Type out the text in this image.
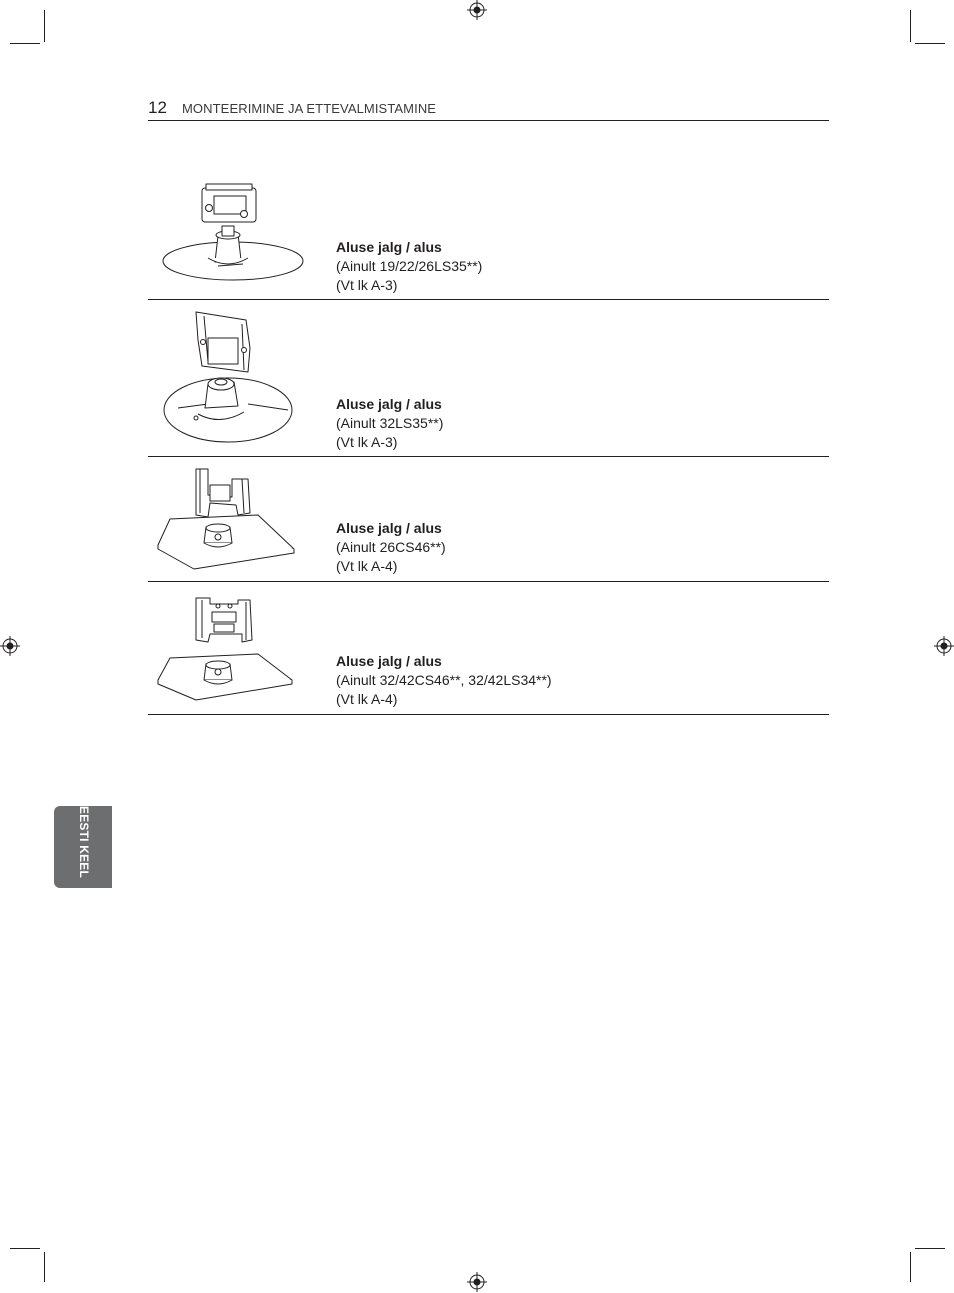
12 MONTEERIMINE JA ETTEVALMISTAMINE
Aluse jalg / alus
(Ainult 19/22/26LS35**)
(Vt lk A-3)
Aluse jalg / alus
(Ainult 32LS35**)
(Vt lk A-3)
Aluse jalg / alus
(Ainult 26CS46**)
(Vt lk A-4)
Aluse jalg / alus
(Ainult 32/42CS46**, 32/42LS34**)
(Vt lk A-4)
EESTI KEEL
